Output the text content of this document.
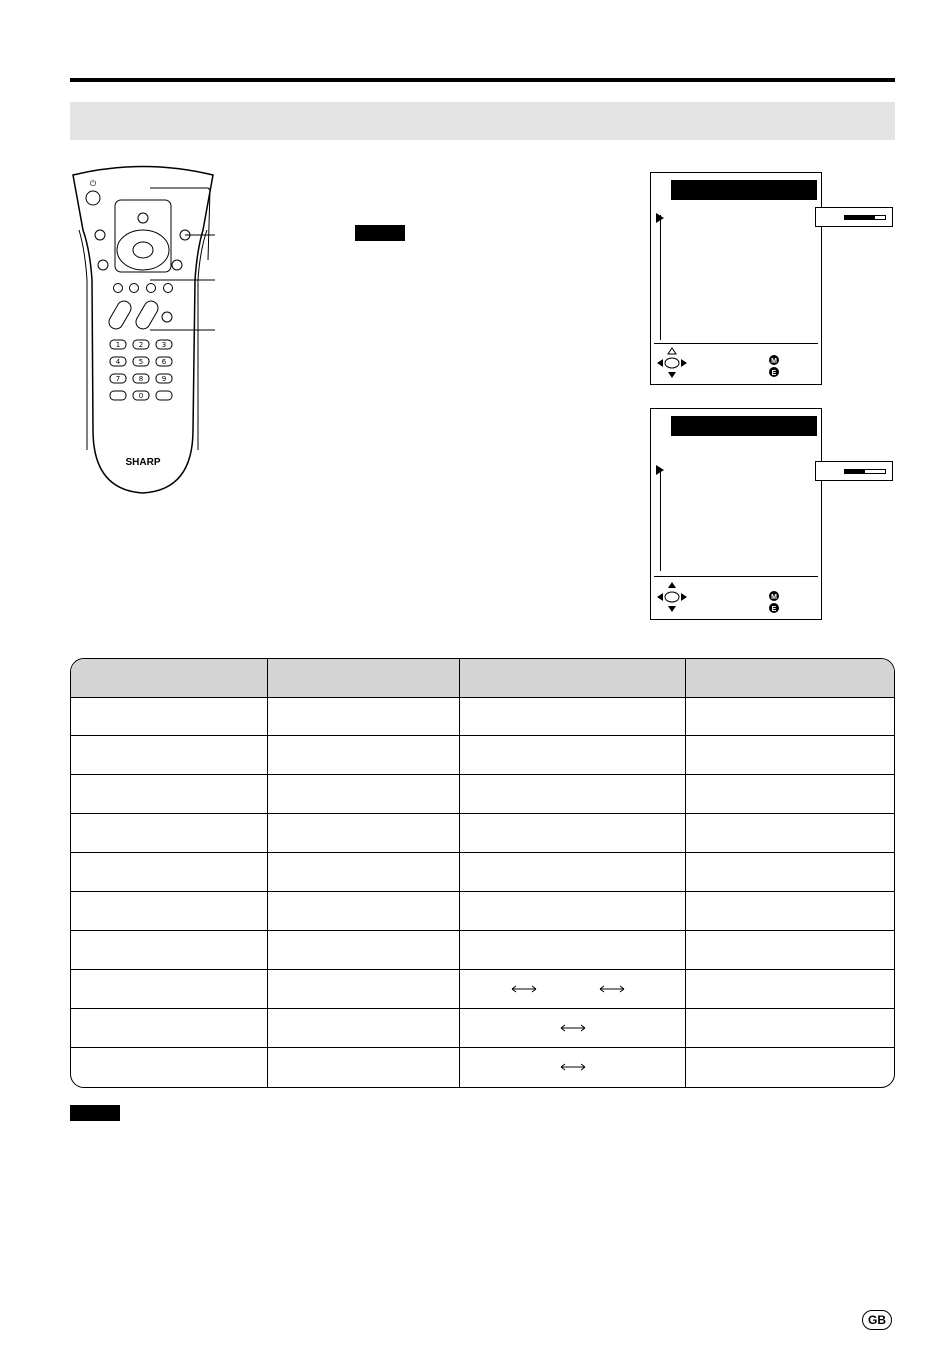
⏻
1	2	3
4	5	6
7	8	9
0
SHARP
M
E
M
E
GB
